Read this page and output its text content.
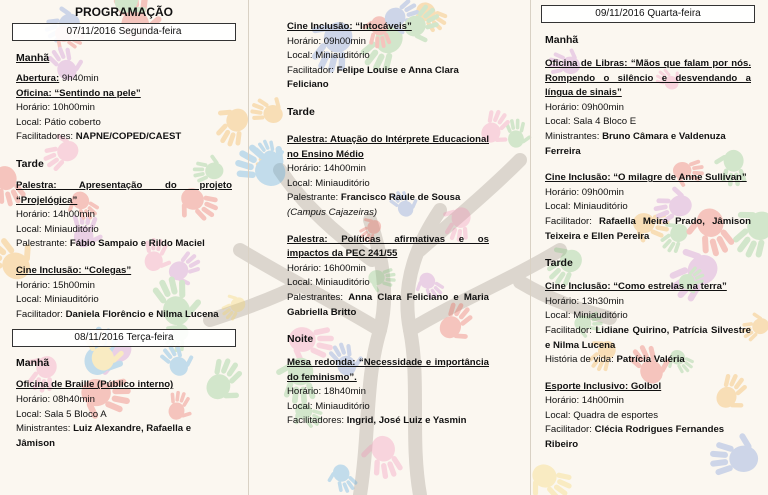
PROGRAMAÇÃO
07/11/2016 Segunda-feira
Manhã
Abertura: 9h40min
Oficina: “Sentindo na pele”
Horário: 10h00min
Local: Pátio coberto
Facilitadores: NAPNE/COPED/CAEST
Tarde
Palestra: Apresentação do projeto “Projelógica”
Horário: 14h00min
Local: Miniauditório
Palestrante: Fábio Sampaio e Rildo Maciel
Cine Inclusão: “Colegas”
Horário: 15h00min
Local: Miniauditório
Facilitador: Daniela Florêncio e Nilma Lucena
08/11/2016 Terça-feira
Manhã
Oficina de Braille (Público interno)
Horário: 08h40min
Local: Sala 5 Bloco A
Ministrantes: Luiz Alexandre, Rafaella e Jâmison
Cine Inclusão: “Intocáveis”
Horário: 09h00min
Local: Miniauditório
Facilitador: Felipe Louise e Anna Clara Feliciano
Tarde
Palestra: Atuação do Intérprete Educacional no Ensino Médio
Horário: 14h00min
Local: Miniauditório
Palestrante: Francisco Raule de Sousa (Campus Cajazeiras)
Palestra: Políticas afirmativas e os impactos da PEC 241/55
Horário: 16h00min
Local: Miniauditório
Palestrantes: Anna Clara Feliciano e Maria Gabriella Britto
Noite
Mesa redonda: “Necessidade e importância do feminismo”.
Horário: 18h40min
Local: Miniauditório
Facilitadores: Ingrid, José Luiz e Yasmin
09/11/2016 Quarta-feira
Manhã
Oficina de Libras: “Mãos que falam por nós. Rompendo o silêncio e desvendando a língua de sinais”
Horário: 09h00min
Local: Sala 4 Bloco E
Ministrantes: Bruno Câmara e Valdenuza Ferreira
Cine Inclusão: “O milagre de Anne Sullivan”
Horário: 09h00min
Local: Miniauditório
Facilitador: Rafaella Meira Prado, Jâmison Teixeira e Ellen Pereira
Tarde
Cine Inclusão: “Como estrelas na terra”
Horário: 13h30min
Local: Miniauditório
Facilitador: Lidiane Quirino, Patrícia Silvestre e Nilma Lucena
História de vida: Patrícia Valéria
Esporte Inclusivo: Golbol
Horário: 14h00min
Local: Quadra de esportes
Facilitador: Clécia Rodrigues Fernandes Ribeiro
